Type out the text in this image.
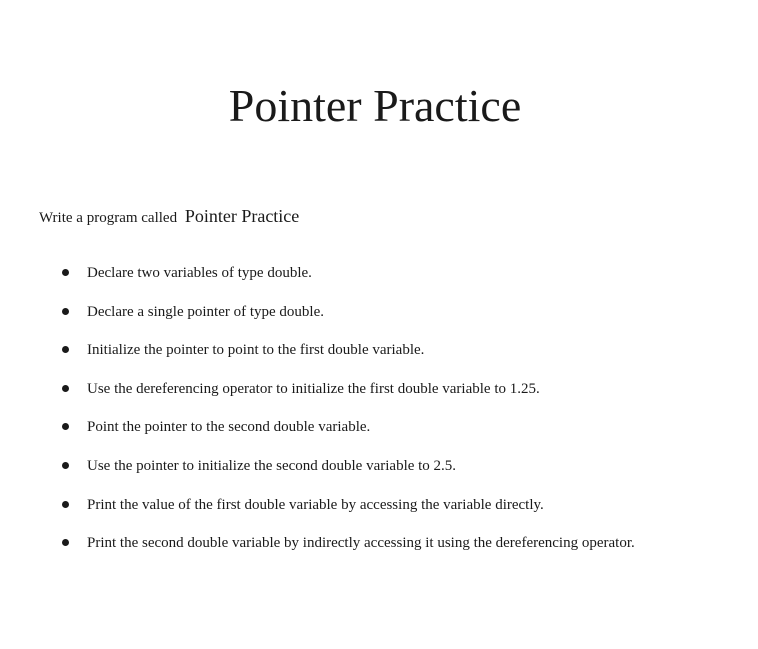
Pointer Practice
Write a program called Pointer Practice
Declare two variables of type double.
Declare a single pointer of type double.
Initialize the pointer to point to the first double variable.
Use the dereferencing operator to initialize the first double variable to 1.25.
Point the pointer to the second double variable.
Use the pointer to initialize the second double variable to 2.5.
Print the value of the first double variable by accessing the variable directly.
Print the second double variable by indirectly accessing it using the dereferencing operator.
